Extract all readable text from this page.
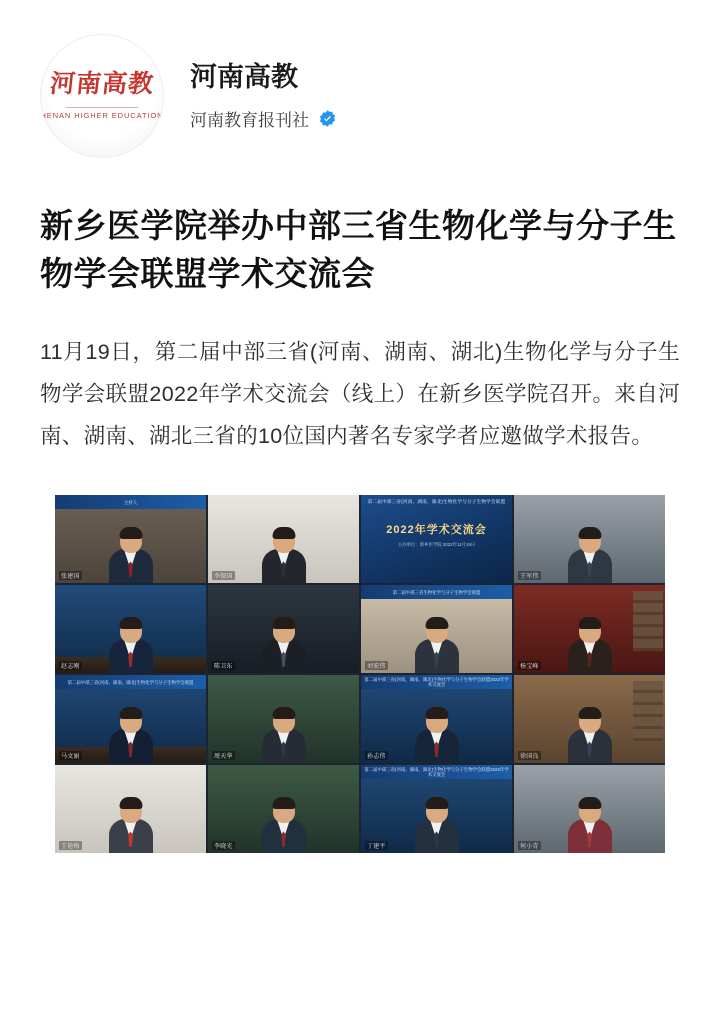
河南高教
HENAN HIGHER EDUCATION
河南高教
河南教育报刊社
新乡医学院举办中部三省生物化学与分子生物学会联盟学术交流会

11月19日，第二届中部三省(河南、湖南、湖北)生物化学与分子生物学会联盟2022年学术交流会（线上）在新乡医学院召开。来自河南、湖南、湖北三省的10位国内著名专家学者应邀做学术报告。

主持人
张建国	李保国
第二届中部三省(河南、湖南、湖北)生物化学与分子生物学会联盟
2022年学术交流会
主办单位：新乡医学院 2022年11月19日
王军伟
赵志刚	陈卫东
第二届中部三省生物化学与分子生物学会联盟
刘宏伟	杨宝峰
第二届中部三省(河南、湖南、湖北)生物化学与分子生物学会联盟
马文丽	周天华
第二届中部三省(河南、湖南、湖北)生物化学与分子生物学会联盟2022年学术交流会
孙志伟	徐国良
王艳梅	李晓光
第二届中部三省(河南、湖南、湖北)生物化学与分子生物学会联盟2022年学术交流会
丁建平	何小青
